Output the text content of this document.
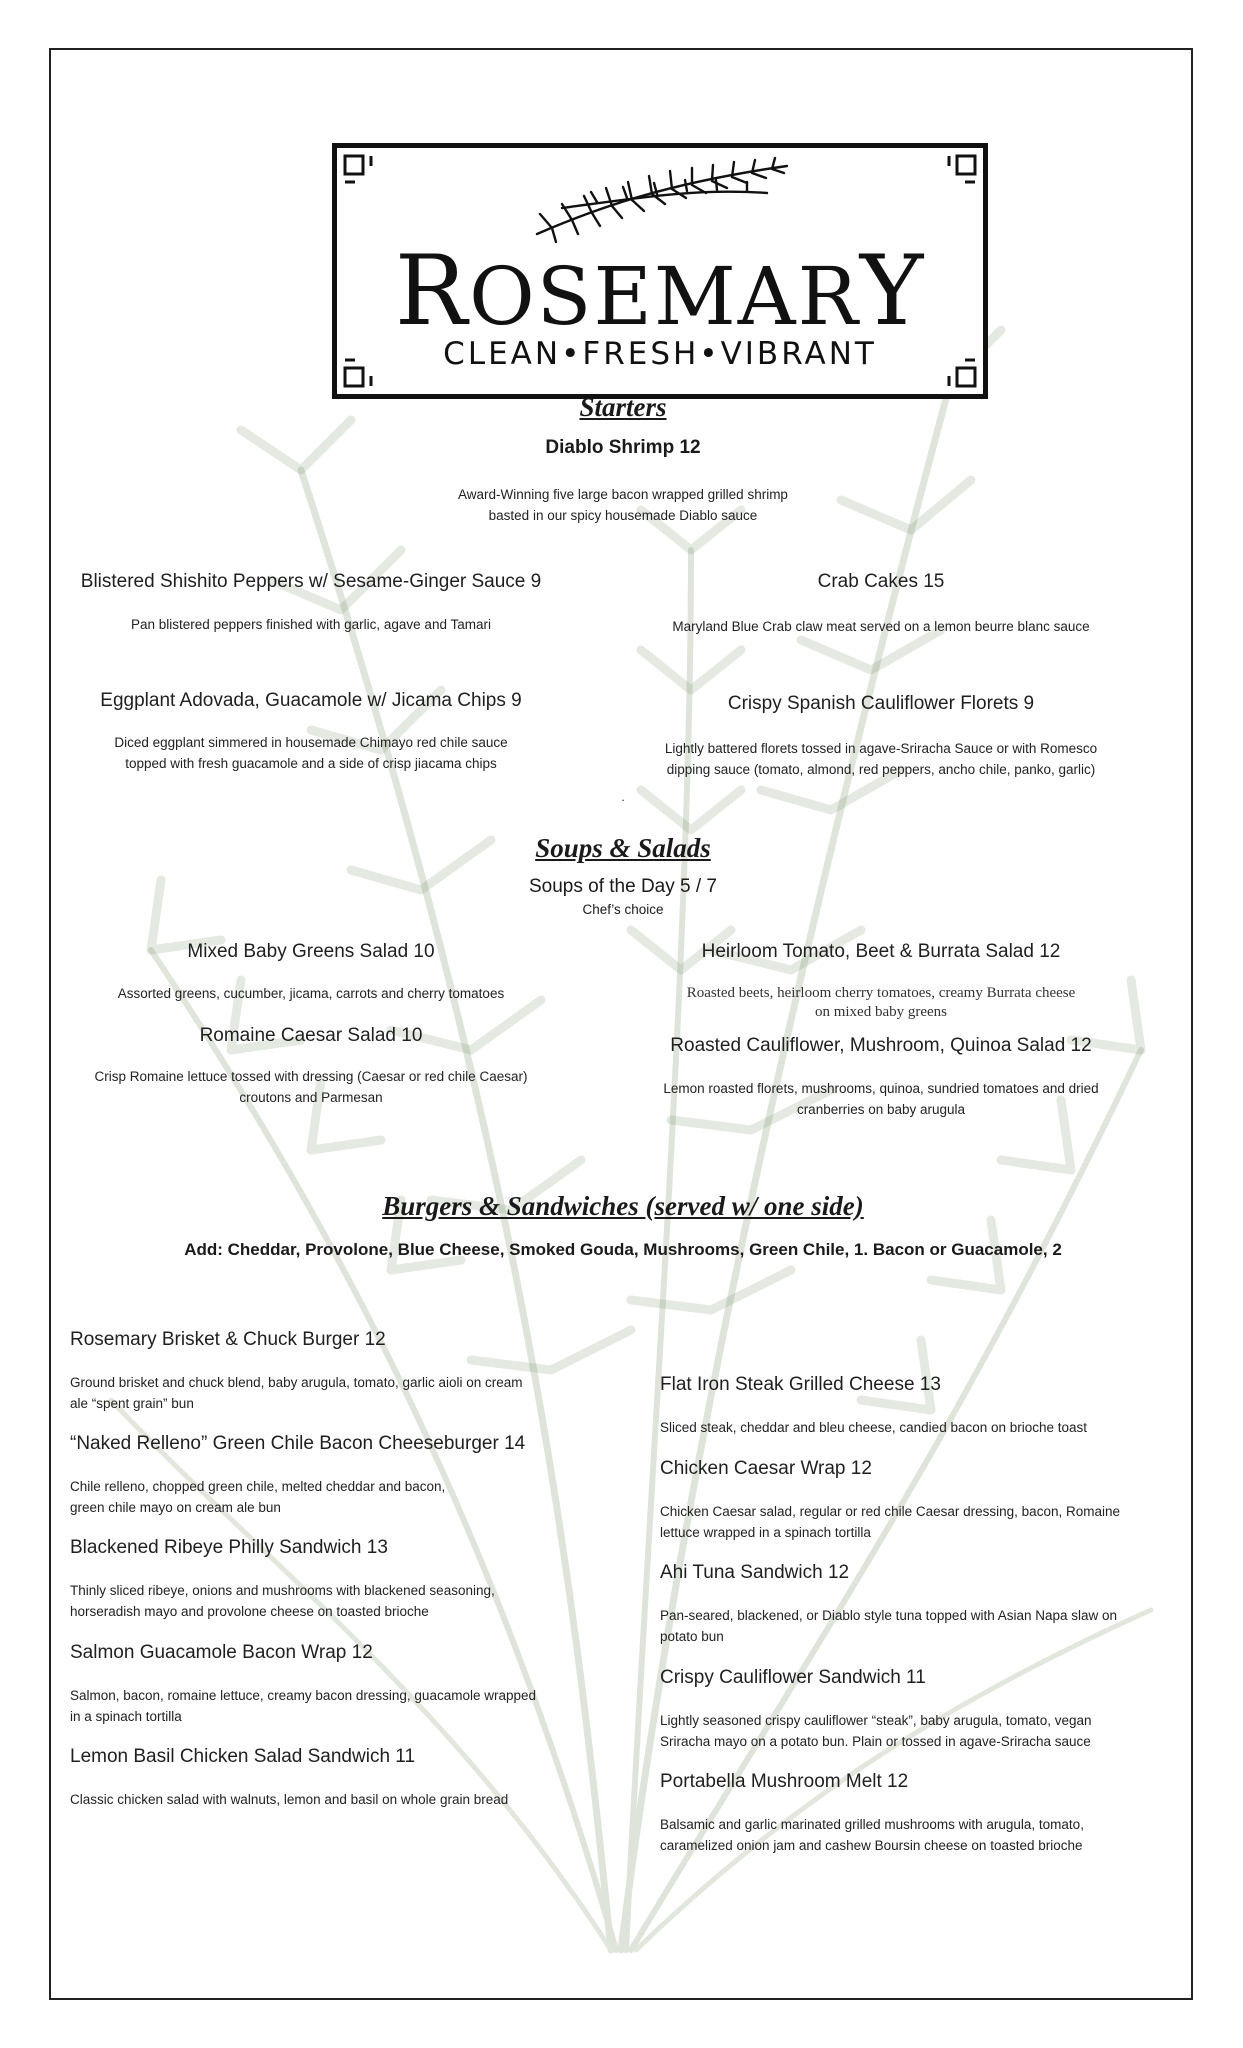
ROSEMARY
CLEAN•FRESH•VIBRANT
Starters
Diablo Shrimp 12
Award-Winning five large bacon wrapped grilled shrimp
basted in our spicy housemade Diablo sauce
Blistered Shishito Peppers w/ Sesame-Ginger Sauce 9
Pan blistered peppers finished with garlic, agave and Tamari
Crab Cakes 15
Maryland Blue Crab claw meat served on a lemon beurre blanc sauce
Eggplant Adovada, Guacamole w/ Jicama Chips 9
Diced eggplant simmered in housemade Chimayo red chile sauce
topped with fresh guacamole and a side of crisp jiacama chips
Crispy Spanish Cauliflower Florets 9
Lightly battered florets tossed in agave-Sriracha Sauce or with Romesco
dipping sauce (tomato, almond, red peppers, ancho chile, panko, garlic)
.
Soups & Salads
Soups of the Day 5 / 7
Chef’s choice
Mixed Baby Greens Salad 10
Assorted greens, cucumber, jicama, carrots and cherry tomatoes
Heirloom Tomato, Beet & Burrata Salad 12
Roasted beets, heirloom cherry tomatoes, creamy Burrata cheese
on mixed baby greens
Romaine Caesar Salad 10
Crisp Romaine lettuce tossed with dressing (Caesar or red chile Caesar)
croutons and Parmesan
Roasted Cauliflower, Mushroom, Quinoa Salad 12
Lemon roasted florets, mushrooms, quinoa, sundried tomatoes and dried
cranberries on baby arugula
Burgers & Sandwiches (served w/ one side)
Add: Cheddar, Provolone, Blue Cheese, Smoked Gouda, Mushrooms, Green Chile, 1. Bacon or Guacamole, 2
Rosemary Brisket & Chuck Burger 12
Ground brisket and chuck blend, baby arugula, tomato, garlic aioli on cream
ale “spent grain” bun
“Naked Relleno” Green Chile Bacon Cheeseburger 14
Chile relleno, chopped green chile, melted cheddar and bacon,
green chile mayo on cream ale bun
Blackened Ribeye Philly Sandwich 13
Thinly sliced ribeye, onions and mushrooms with blackened seasoning,
horseradish mayo and provolone cheese on toasted brioche
Salmon Guacamole Bacon Wrap 12
Salmon, bacon, romaine lettuce, creamy bacon dressing, guacamole wrapped
in a spinach tortilla
Lemon Basil Chicken Salad Sandwich 11
Classic chicken salad with walnuts, lemon and basil on whole grain bread
Flat Iron Steak Grilled Cheese 13
Sliced steak, cheddar and bleu cheese, candied bacon on brioche toast
Chicken Caesar Wrap 12
Chicken Caesar salad, regular or red chile Caesar dressing, bacon, Romaine
lettuce wrapped in a spinach tortilla
Ahi Tuna Sandwich 12
Pan-seared, blackened, or Diablo style tuna topped with Asian Napa slaw on
potato bun
Crispy Cauliflower Sandwich 11
Lightly seasoned crispy cauliflower “steak”, baby arugula, tomato, vegan
Sriracha mayo on a potato bun. Plain or tossed in agave-Sriracha sauce
Portabella Mushroom Melt 12
Balsamic and garlic marinated grilled mushrooms with arugula, tomato,
caramelized onion jam and cashew Boursin cheese on toasted brioche
